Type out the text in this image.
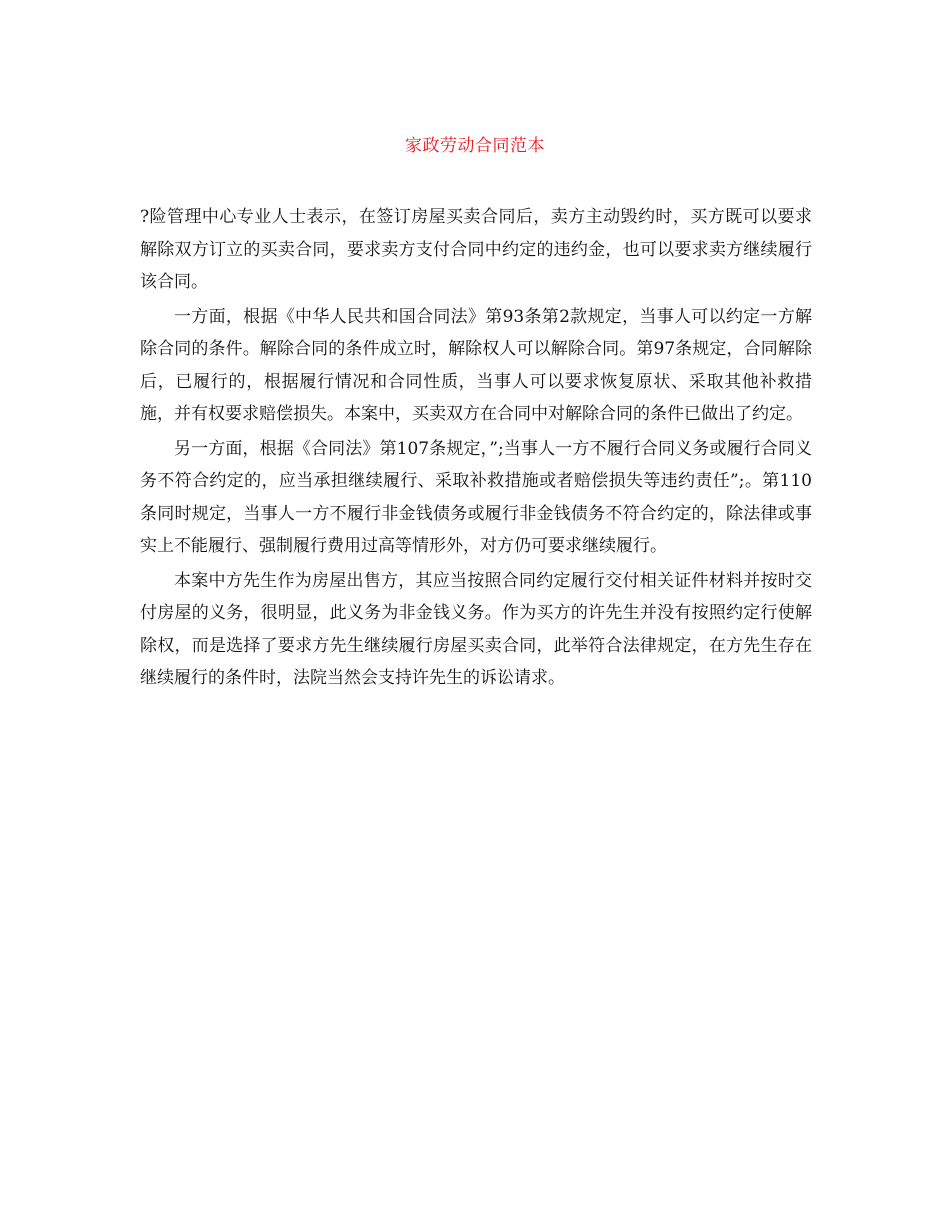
家政劳动合同范本

?险管理中心专业人士表示，在签订房屋买卖合同后，卖方主动毁约时，买方既可以要求解除双方订立的买卖合同，要求卖方支付合同中约定的违约金，也可以要求卖方继续履行该合同。

一方面，根据《中华人民共和国合同法》第93条第2款规定，当事人可以约定一方解除合同的条件。解除合同的条件成立时，解除权人可以解除合同。第97条规定，合同解除后，已履行的，根据履行情况和合同性质，当事人可以要求恢复原状、采取其他补救措施，并有权要求赔偿损失。本案中，买卖双方在合同中对解除合同的条件已做出了约定。

另一方面，根据《合同法》第107条规定，”;当事人一方不履行合同义务或履行合同义务不符合约定的，应当承担继续履行、采取补救措施或者赔偿损失等违约责任”;。第110条同时规定，当事人一方不履行非金钱债务或履行非金钱债务不符合约定的，除法律或事实上不能履行、强制履行费用过高等情形外，对方仍可要求继续履行。

本案中方先生作为房屋出售方，其应当按照合同约定履行交付相关证件材料并按时交付房屋的义务，很明显，此义务为非金钱义务。作为买方的许先生并没有按照约定行使解除权，而是选择了要求方先生继续履行房屋买卖合同，此举符合法律规定，在方先生存在继续履行的条件时，法院当然会支持许先生的诉讼请求。
